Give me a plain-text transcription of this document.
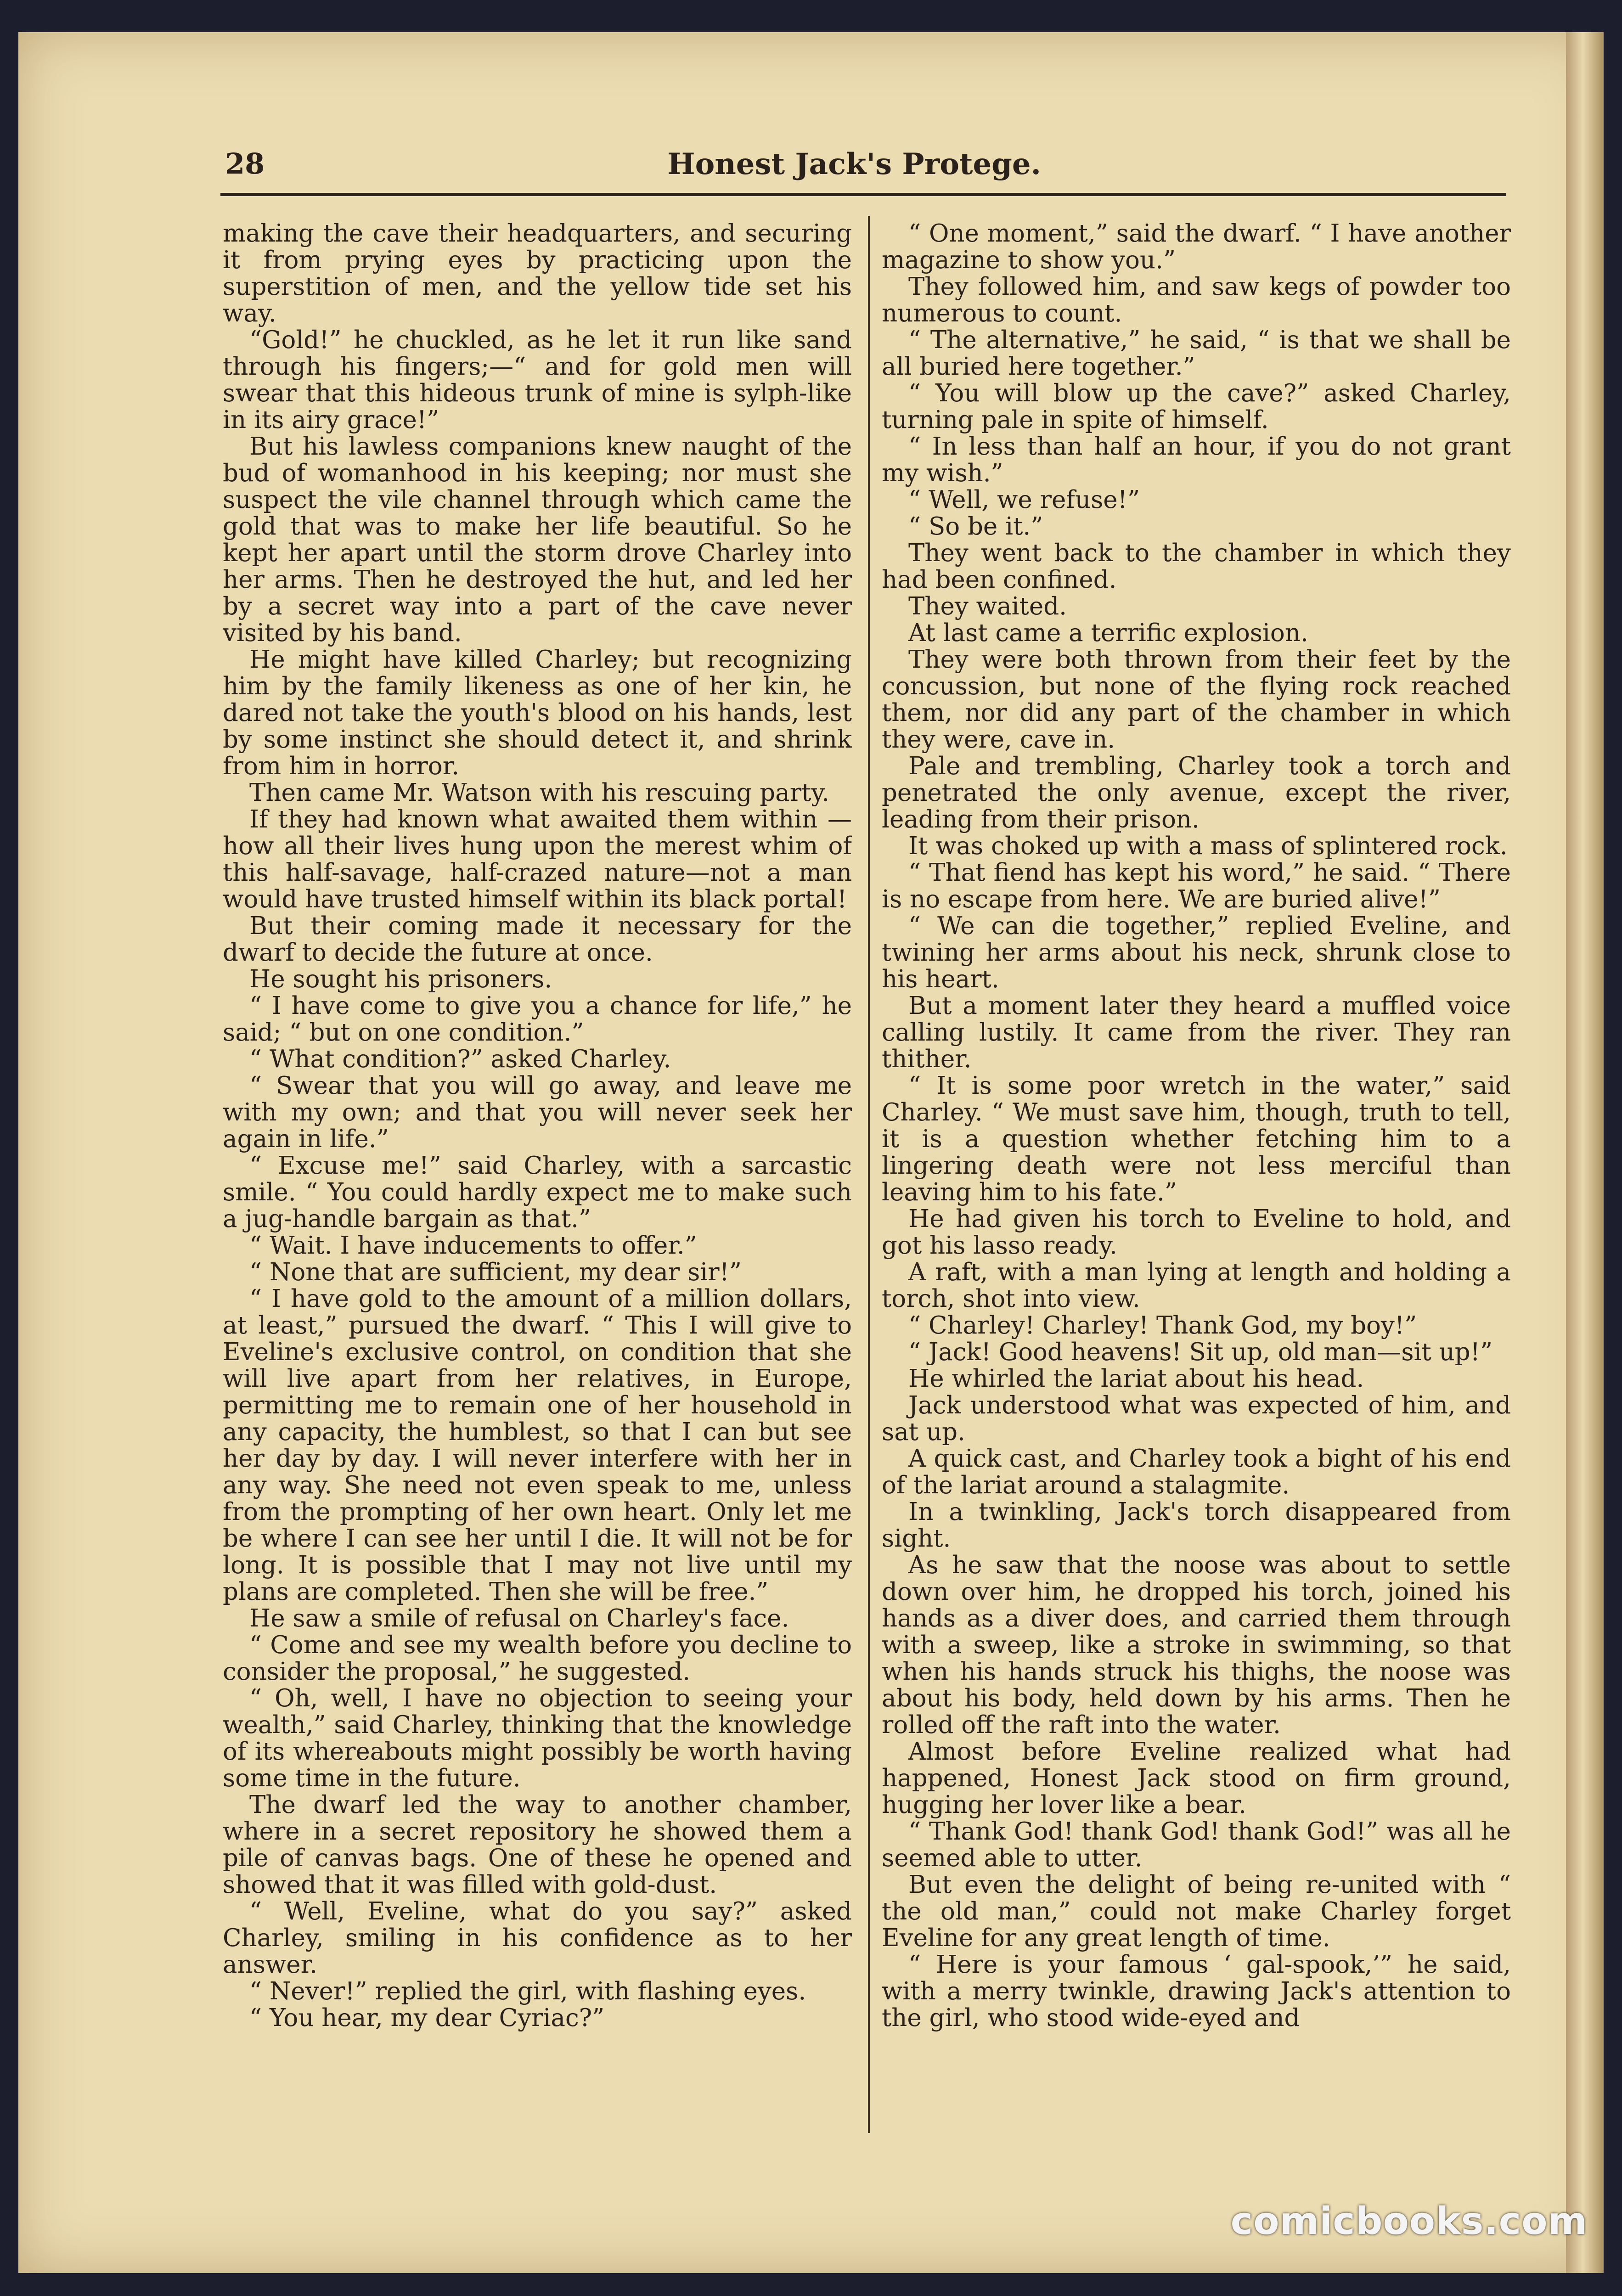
28	Honest Jack's Protege.

making the cave their headquarters, and securing it from prying eyes by practicing upon the superstition of men, and the yellow tide set his way.

“Gold!” he chuckled, as he let it run like sand through his fingers;—“ and for gold men will swear that this hideous trunk of mine is sylph-like in its airy grace!”

But his lawless companions knew naught of the bud of womanhood in his keeping; nor must she suspect the vile channel through which came the gold that was to make her life beautiful. So he kept her apart until the storm drove Charley into her arms. Then he destroyed the hut, and led her by a secret way into a part of the cave never visited by his band.

He might have killed Charley; but recognizing him by the family likeness as one of her kin, he dared not take the youth's blood on his hands, lest by some instinct she should detect it, and shrink from him in horror.

Then came Mr. Watson with his rescuing party.

If they had known what awaited them within —how all their lives hung upon the merest whim of this half-savage, half-crazed nature—not a man would have trusted himself within its black portal!

But their coming made it necessary for the dwarf to decide the future at once.

He sought his prisoners.

“ I have come to give you a chance for life,” he said; “ but on one condition.”

“ What condition?” asked Charley.

“ Swear that you will go away, and leave me with my own; and that you will never seek her again in life.”

“ Excuse me!” said Charley, with a sarcastic smile. “ You could hardly expect me to make such a jug-handle bargain as that.”

“ Wait. I have inducements to offer.”

“ None that are sufficient, my dear sir!”

“ I have gold to the amount of a million dollars, at least,” pursued the dwarf. “ This I will give to Eveline's exclusive control, on condition that she will live apart from her relatives, in Europe, permitting me to remain one of her household in any capacity, the humblest, so that I can but see her day by day. I will never interfere with her in any way. She need not even speak to me, unless from the prompting of her own heart. Only let me be where I can see her until I die. It will not be for long. It is possible that I may not live until my plans are completed. Then she will be free.”

He saw a smile of refusal on Charley's face.

“ Come and see my wealth before you decline to consider the proposal,” he suggested.

“ Oh, well, I have no objection to seeing your wealth,” said Charley, thinking that the knowledge of its whereabouts might possibly be worth having some time in the future.

The dwarf led the way to another chamber, where in a secret repository he showed them a pile of canvas bags. One of these he opened and showed that it was filled with gold-dust.

“ Well, Eveline, what do you say?” asked Charley, smiling in his confidence as to her answer.

“ Never!” replied the girl, with flashing eyes.

“ You hear, my dear Cyriac?”

“ One moment,” said the dwarf. “ I have another magazine to show you.”

They followed him, and saw kegs of powder too numerous to count.

“ The alternative,” he said, “ is that we shall be all buried here together.”

“ You will blow up the cave?” asked Charley, turning pale in spite of himself.

“ In less than half an hour, if you do not grant my wish.”

“ Well, we refuse!”

“ So be it.”

They went back to the chamber in which they had been confined.

They waited.

At last came a terrific explosion.

They were both thrown from their feet by the concussion, but none of the flying rock reached them, nor did any part of the chamber in which they were, cave in.

Pale and trembling, Charley took a torch and penetrated the only avenue, except the river, leading from their prison.

It was choked up with a mass of splintered rock.

“ That fiend has kept his word,” he said. “ There is no escape from here. We are buried alive!”

“ We can die together,” replied Eveline, and twining her arms about his neck, shrunk close to his heart.

But a moment later they heard a muffled voice calling lustily. It came from the river. They ran thither.

“ It is some poor wretch in the water,” said Charley. “ We must save him, though, truth to tell, it is a question whether fetching him to a lingering death were not less merciful than leaving him to his fate.”

He had given his torch to Eveline to hold, and got his lasso ready.

A raft, with a man lying at length and holding a torch, shot into view.

“ Charley! Charley! Thank God, my boy!”

“ Jack! Good heavens! Sit up, old man—sit up!”

He whirled the lariat about his head.

Jack understood what was expected of him, and sat up.

A quick cast, and Charley took a bight of his end of the lariat around a stalagmite.

In a twinkling, Jack's torch disappeared from sight.

As he saw that the noose was about to settle down over him, he dropped his torch, joined his hands as a diver does, and carried them through with a sweep, like a stroke in swimming, so that when his hands struck his thighs, the noose was about his body, held down by his arms. Then he rolled off the raft into the water.

Almost before Eveline realized what had happened, Honest Jack stood on firm ground, hugging her lover like a bear.

“ Thank God! thank God! thank God!” was all he seemed able to utter.

But even the delight of being re-united with “ the old man,” could not make Charley forget Eveline for any great length of time.

“ Here is your famous ‘ gal-spook,’” he said, with a merry twinkle, drawing Jack's attention to the girl, who stood wide-eyed and

comicbooks.com
